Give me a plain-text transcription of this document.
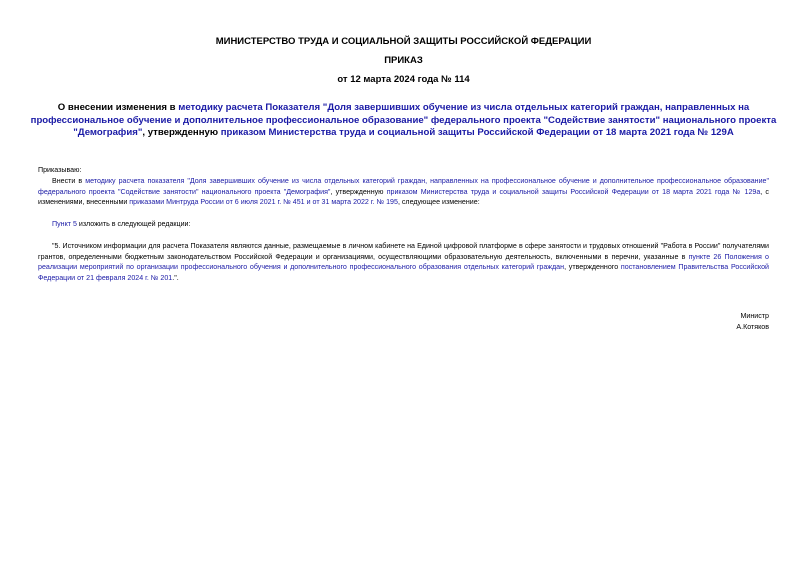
МИНИСТЕРСТВО ТРУДА И СОЦИАЛЬНОЙ ЗАЩИТЫ РОССИЙСКОЙ ФЕДЕРАЦИИ
ПРИКАЗ
от 12 марта 2024 года № 114
О внесении изменения в методику расчета Показателя "Доля завершивших обучение из числа отдельных категорий граждан, направленных на профессиональное обучение и дополнительное профессиональное образование" федерального проекта "Содействие занятости" национального проекта "Демография", утвержденную приказом Министерства труда и социальной защиты Российской Федерации от 18 марта 2021 года № 129А
Приказываю:
Внести в методику расчета показателя "Доля завершивших обучение из числа отдельных категорий граждан, направленных на профессиональное обучение и дополнительное профессиональное образование" федерального проекта "Содействие занятости" национального проекта "Демография", утвержденную приказом Министерства труда и социальной защиты Российской Федерации от 18 марта 2021 года № 129а, с изменениями, внесенными приказами Минтруда России от 6 июля 2021 г. № 451 и от 31 марта 2022 г. № 195, следующее изменение:
Пункт 5 изложить в следующей редакции:
"5. Источником информации для расчета Показателя являются данные, размещаемые в личном кабинете на Единой цифровой платформе в сфере занятости и трудовых отношений "Работа в России" получателями грантов, определенными бюджетным законодательством Российской Федерации и организациями, осуществляющими образовательную деятельность, включенными в перечни, указанные в пункте 26 Положения о реализации мероприятий по организации профессионального обучения и дополнительного профессионального образования отдельных категорий граждан, утвержденного постановлением Правительства Российской Федерации от 21 февраля 2024 г. № 201.".
Министр
А.Котяков
